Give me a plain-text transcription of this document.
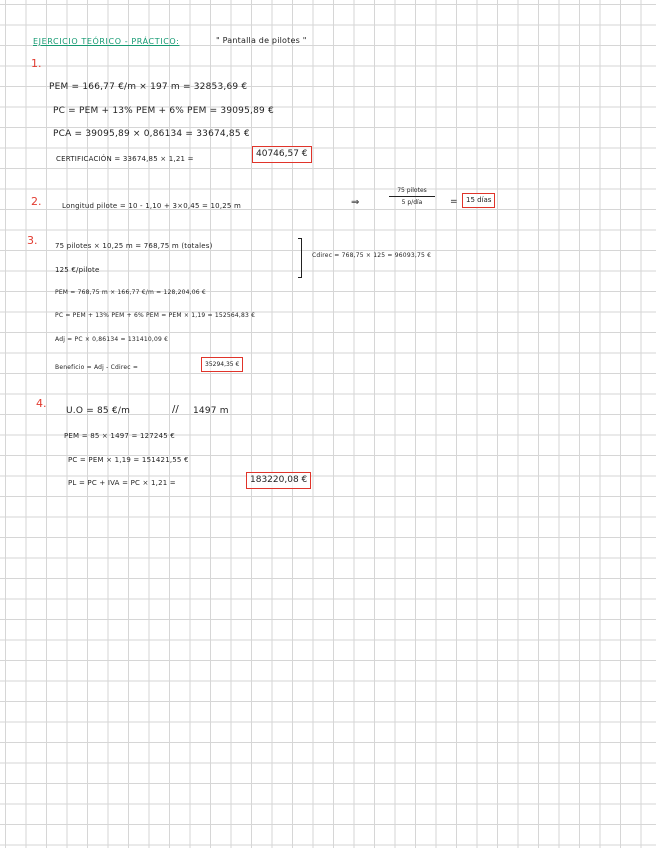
EJERCICIO TEÓRICO - PRÁCTICO:	" Pantalla de pilotes "
1.
PEM = 166,77 €/m × 197 m = 32853,69 €
PC = PEM + 13% PEM + 6% PEM = 39095,89 €
PCA = 39095,89 × 0,86134 = 33674,85 €
CERTIFICACIÓN = 33674,85 × 1,21 =	40746,57 €
2.	Longitud pilote = 10 - 1,10 + 3×0,45 = 10,25 m	⇒
75 pilotes
5 p/día	=	15 días
3.	75 pilotes × 10,25 m = 768,75 m (totales)
125 €/pilote
Cdirec = 768,75 × 125 = 96093,75 €
PEM = 768,75 m × 166,77 €/m = 128,204,06 €
PC = PEM + 13% PEM + 6% PEM = PEM × 1,19 = 152564,83 €
Adj = PC × 0,86134 = 131410,09 €
Beneficio = Adj - Cdirec =	35294,35 €
4.
U.O = 85 €/m	// 1497 m
PEM = 85 × 1497 = 127245 €
PC = PEM × 1,19 = 151421,55 €
PL = PC + IVA = PC × 1,21 =	183220,08 €
